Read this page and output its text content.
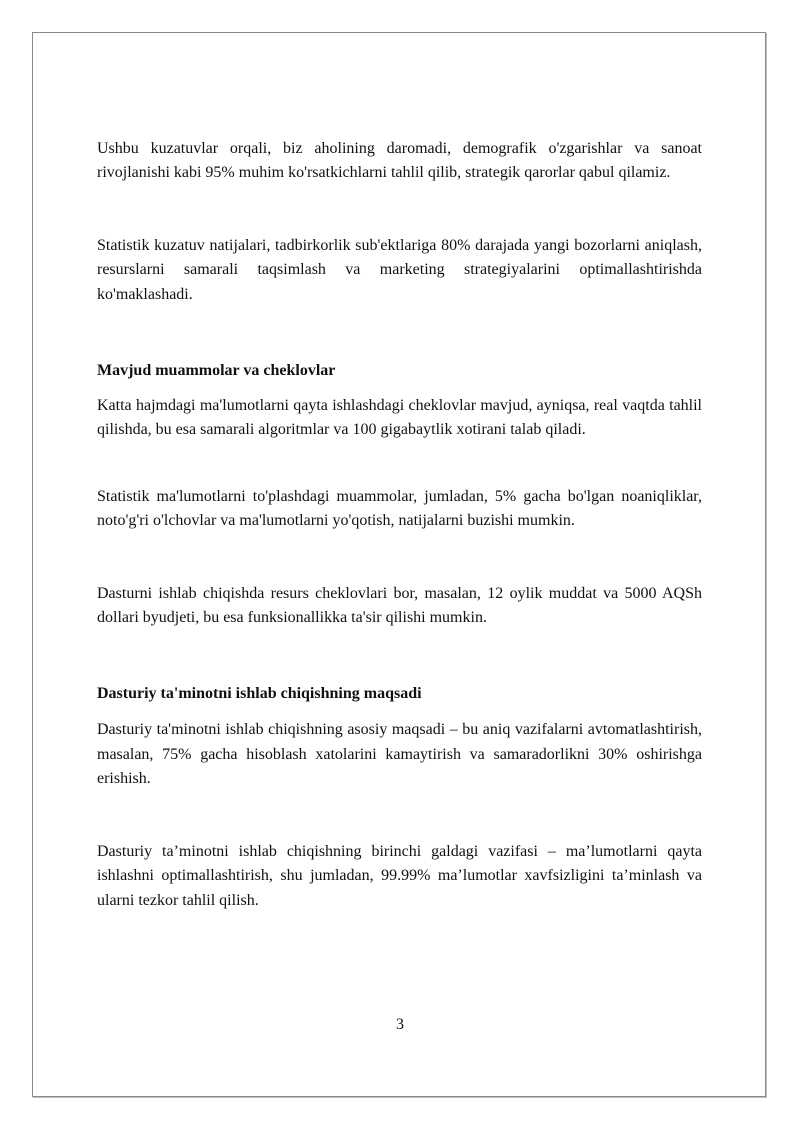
Ushbu kuzatuvlar orqali, biz aholining daromadi, demografik o'zgarishlar va sanoat rivojlanishi kabi 95% muhim ko'rsatkichlarni tahlil qilib, strategik qarorlar qabul qilamiz.

Statistik kuzatuv natijalari, tadbirkorlik sub'ektlariga 80% darajada yangi bozorlarni aniqlash, resurslarni samarali taqsimlash va marketing strategiyalarini optimallashtirishda ko'maklashadi.

Mavjud muammolar va cheklovlar

Katta hajmdagi ma'lumotlarni qayta ishlashdagi cheklovlar mavjud, ayniqsa, real vaqtda tahlil qilishda, bu esa samarali algoritmlar va 100 gigabaytlik xotirani talab qiladi.

Statistik ma'lumotlarni to'plashdagi muammolar, jumladan, 5% gacha bo'lgan noaniqliklar, noto'g'ri o'lchovlar va ma'lumotlarni yo'qotish, natijalarni buzishi mumkin.

Dasturni ishlab chiqishda resurs cheklovlari bor, masalan, 12 oylik muddat va 5000 AQSh dollari byudjeti, bu esa funksionallikka ta'sir qilishi mumkin.

Dasturiy ta'minotni ishlab chiqishning maqsadi

Dasturiy ta'minotni ishlab chiqishning asosiy maqsadi – bu aniq vazifalarni avtomatlashtirish, masalan, 75% gacha hisoblash xatolarini kamaytirish va samaradorlikni 30% oshirishga erishish.

Dasturiy ta’minotni ishlab chiqishning birinchi galdagi vazifasi – ma’lumotlarni qayta ishlashni optimallashtirish, shu jumladan, 99.99% ma’lumotlar xavfsizligini ta’minlash va ularni tezkor tahlil qilish.

3
